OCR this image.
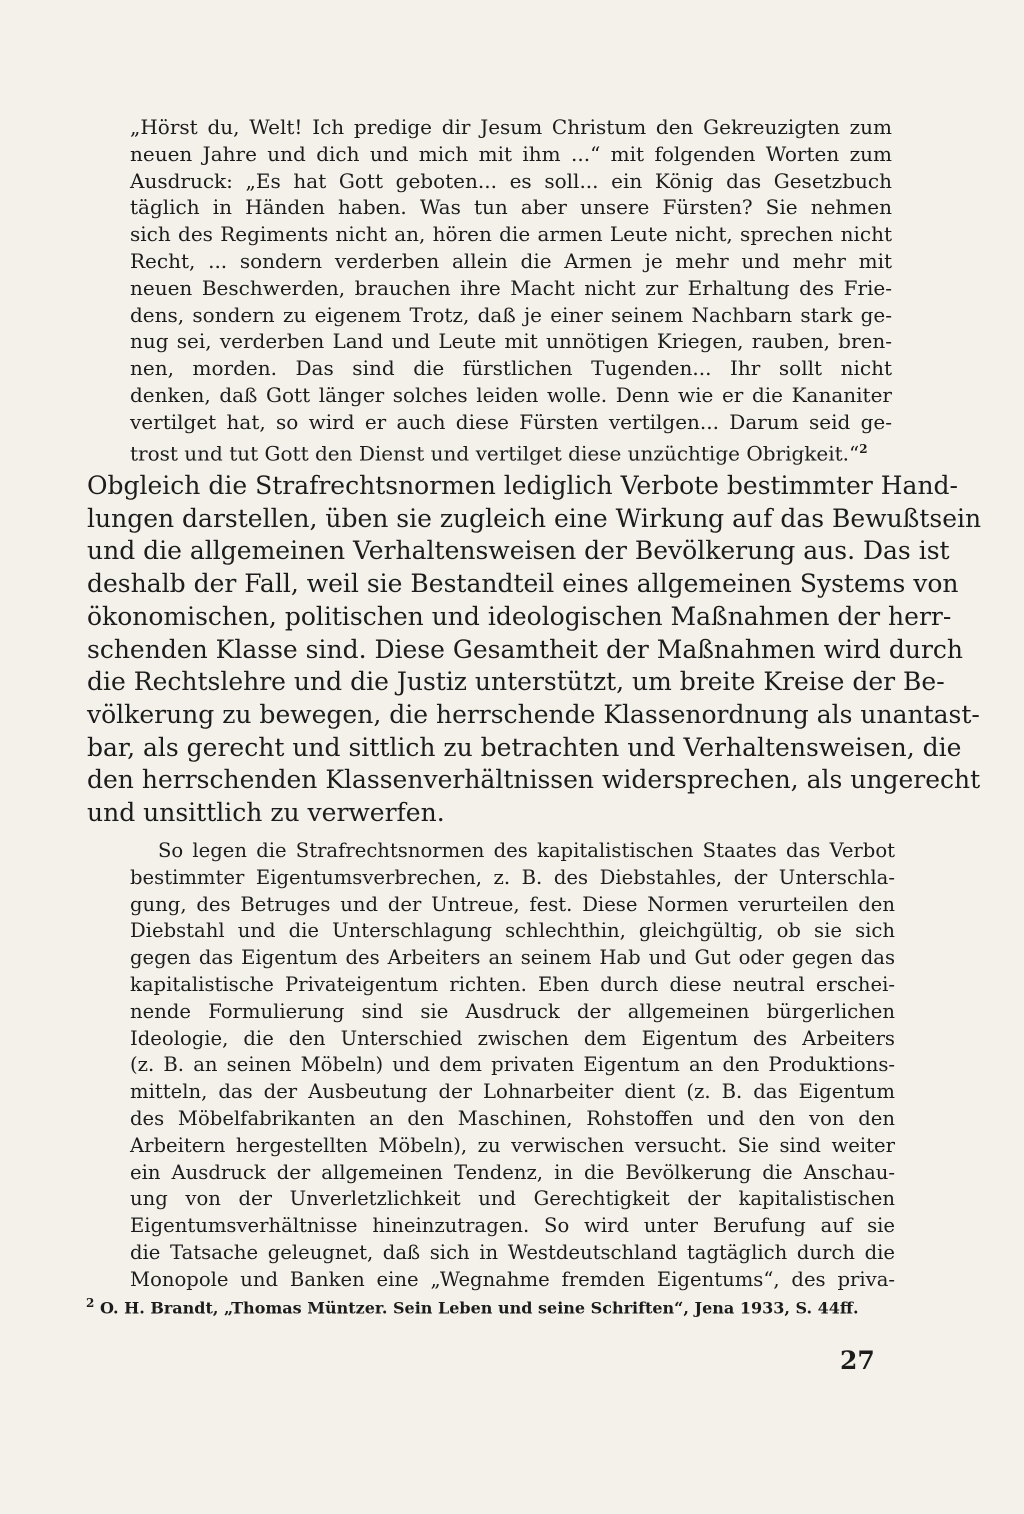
„Hörst du, Welt! Ich predige dir Jesum Christum den Gekreuzigten zum
neuen Jahre und dich und mich mit ihm ...“ mit folgenden Worten zum
Ausdruck: „Es hat Gott geboten... es soll... ein König das Gesetzbuch
täglich in Händen haben. Was tun aber unsere Fürsten? Sie nehmen
sich des Regiments nicht an, hören die armen Leute nicht, sprechen nicht
Recht, ... sondern verderben allein die Armen je mehr und mehr mit
neuen Beschwerden, brauchen ihre Macht nicht zur Erhaltung des Frie-
dens, sondern zu eigenem Trotz, daß je einer seinem Nachbarn stark ge-
nug sei, verderben Land und Leute mit unnötigen Kriegen, rauben, bren-
nen, morden. Das sind die fürstlichen Tugenden... Ihr sollt nicht
denken, daß Gott länger solches leiden wolle. Denn wie er die Kananiter
vertilget hat, so wird er auch diese Fürsten vertilgen... Darum seid ge-
trost und tut Gott den Dienst und vertilget diese unzüchtige Obrigkeit.“$^2$
Obgleich die Strafrechtsnormen lediglich Verbote bestimmter Hand-
lungen darstellen, üben sie zugleich eine Wirkung auf das Bewußtsein
und die allgemeinen Verhaltensweisen der Bevölkerung aus. Das ist
deshalb der Fall, weil sie Bestandteil eines allgemeinen Systems von
ökonomischen, politischen und ideologischen Maßnahmen der herr-
schenden Klasse sind. Diese Gesamtheit der Maßnahmen wird durch
die Rechtslehre und die Justiz unterstützt, um breite Kreise der Be-
völkerung zu bewegen, die herrschende Klassenordnung als unantast-
bar, als gerecht und sittlich zu betrachten und Verhaltensweisen, die
den herrschenden Klassenverhältnissen widersprechen, als ungerecht
und unsittlich zu verwerfen.
So legen die Strafrechtsnormen des kapitalistischen Staates das Verbot
bestimmter Eigentumsverbrechen, z. B. des Diebstahles, der Unterschla-
gung, des Betruges und der Untreue, fest. Diese Normen verurteilen den
Diebstahl und die Unterschlagung schlechthin, gleichgültig, ob sie sich
gegen das Eigentum des Arbeiters an seinem Hab und Gut oder gegen das
kapitalistische Privateigentum richten. Eben durch diese neutral erschei-
nende Formulierung sind sie Ausdruck der allgemeinen bürgerlichen
Ideologie, die den Unterschied zwischen dem Eigentum des Arbeiters
(z. B. an seinen Möbeln) und dem privaten Eigentum an den Produktions-
mitteln, das der Ausbeutung der Lohnarbeiter dient (z. B. das Eigentum
des Möbelfabrikanten an den Maschinen, Rohstoffen und den von den
Arbeitern hergestellten Möbeln), zu verwischen versucht. Sie sind weiter
ein Ausdruck der allgemeinen Tendenz, in die Bevölkerung die Anschau-
ung von der Unverletzlichkeit und Gerechtigkeit der kapitalistischen
Eigentumsverhältnisse hineinzutragen. So wird unter Berufung auf sie
die Tatsache geleugnet, daß sich in Westdeutschland tagtäglich durch die
Monopole und Banken eine „Wegnahme fremden Eigentums“, des priva-
$^2$ O. H. Brandt, „Thomas Müntzer. Sein Leben und seine Schriften“, Jena 1933, S. 44ff.
27
